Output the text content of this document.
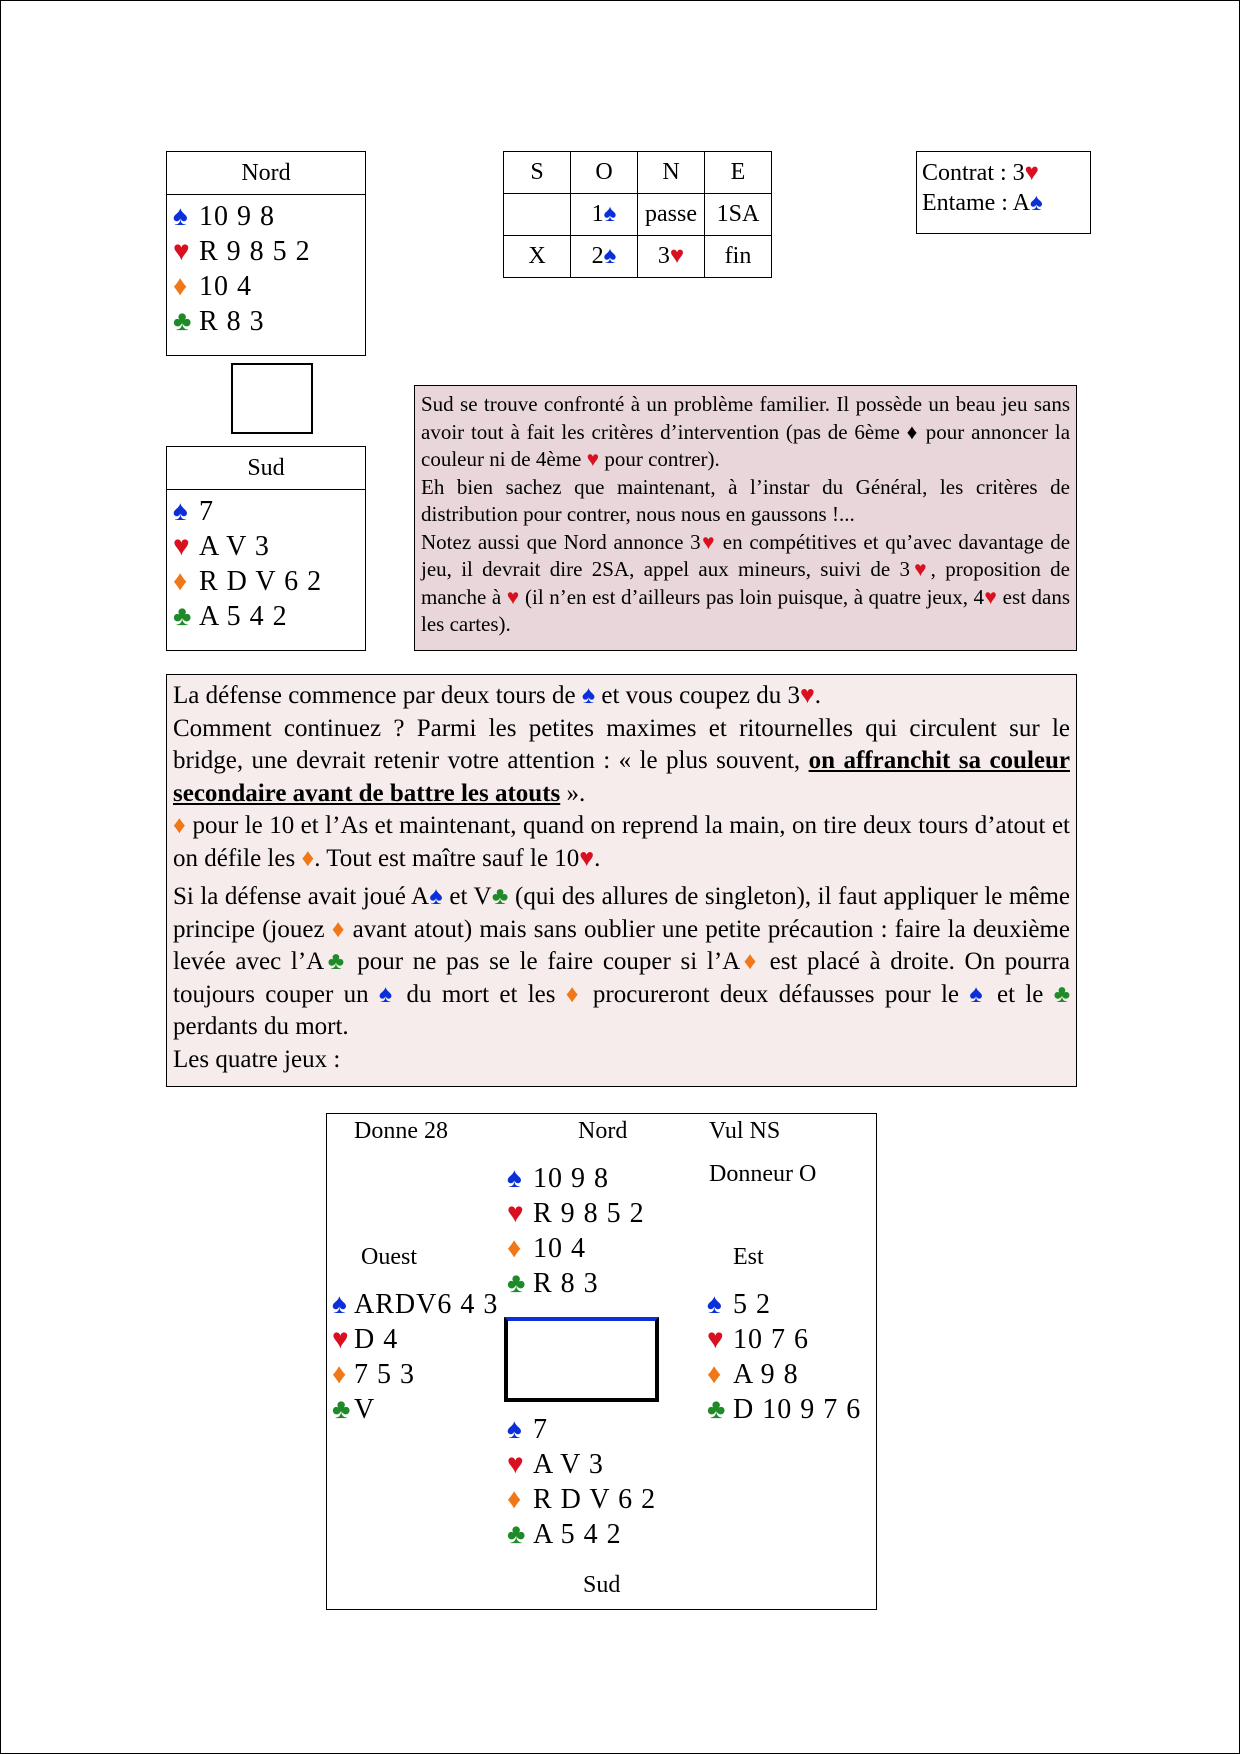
Nord
♠ 10 9 8
♥ R 9 8 5 2
♦ 10 4
♣ R 8 3
Sud
♠ 7
♥ A V 3
♦ R D V 6 2
♣ A 5 4 2
S	O	N	E
	1♠	passe	1SA
X	2♠	3♥	fin
Contrat : 3♥
Entame : A♠

Sud se trouve confronté à un problème familier. Il possède un beau jeu sans avoir tout à fait les critères d’intervention (pas de 6ème ♦ pour annoncer la couleur ni de 4ème ♥ pour contrer).

Eh bien sachez que maintenant, à l’instar du Général, les critères de distribution pour contrer, nous nous en gaussons !...

Notez aussi que Nord annonce 3♥ en compétitives et qu’avec davantage de jeu, il devrait dire 2SA, appel aux mineurs, suivi de 3♥, proposition de manche à ♥ (il n’en est d’ailleurs pas loin puisque, à quatre jeux, 4♥ est dans les cartes).

La défense commence par deux tours de ♠ et vous coupez du 3♥.

Comment continuez ? Parmi les petites maximes et ritournelles qui circulent sur le bridge, une devrait retenir votre attention : « le plus souvent, on affranchit sa couleur secondaire avant de battre les atouts ».

♦ pour le 10 et l’As et maintenant, quand on reprend la main, on tire deux tours d’atout et on défile les ♦. Tout est maître sauf le 10♥.

Si la défense avait joué A♠ et V♣ (qui des allures de singleton), il faut appliquer le même principe (jouez ♦ avant atout) mais sans oublier une petite précaution : faire la deuxième levée avec l’A♣ pour ne pas se le faire couper si l’A♦ est placé à droite. On pourra toujours couper un ♠ du mort et les ♦ procureront deux défausses pour le ♠ et le ♣ perdants du mort.

Les quatre jeux :

Donne 28	Nord	Vul NS
Donneur O
Ouest	Est
Sud
♠ 10 9 8
♥ R 9 8 5 2
♦ 10 4
♣ R 8 3
♠ ARDV6 4 3
♥ D 4
♦ 7 5 3
♣V
♠ 5 2
♥ 10 7 6
♦ A 9 8
♣ D 10 9 7 6
♠ 7
♥ A V 3
♦ R D V 6 2
♣ A 5 4 2
